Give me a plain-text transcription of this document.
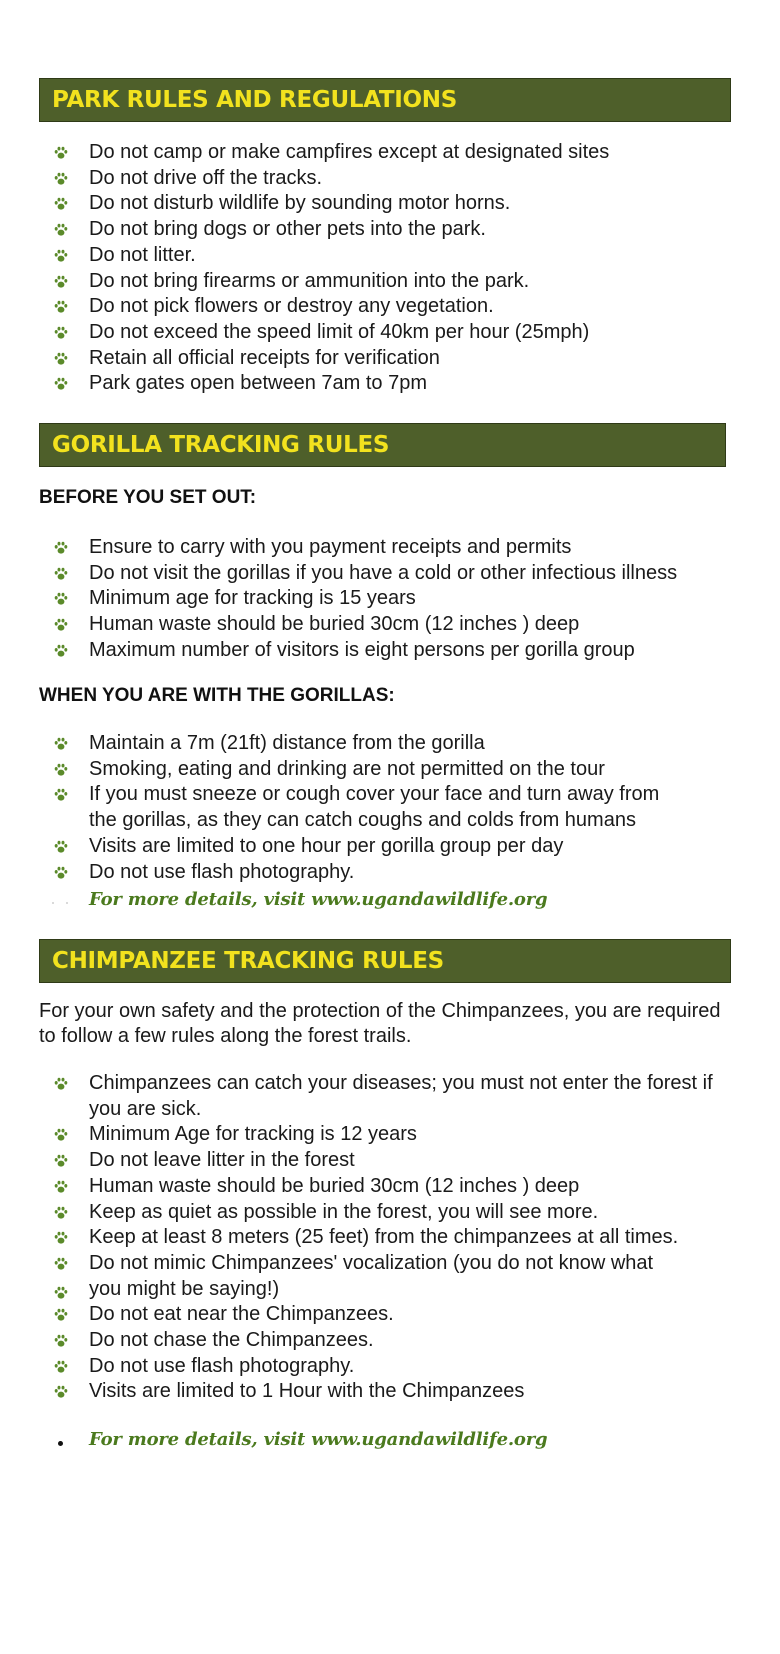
PARK RULES AND REGULATIONS
Do not camp or make campfires except at designated sites
Do not drive off the tracks.
Do not disturb wildlife by sounding motor horns.
Do not bring dogs or other pets into the park.
Do not litter.
Do not bring firearms or ammunition into the park.
Do not pick flowers or destroy any vegetation.
Do not exceed the speed limit of 40km per hour (25mph)
Retain all official receipts for verification
Park gates open between 7am to 7pm
GORILLA TRACKING RULES
BEFORE YOU SET OUT:
Ensure to carry with you payment receipts and permits
Do not visit the gorillas if you have a cold or other infectious illness
Minimum age for tracking is 15 years
Human waste should be buried 30cm (12 inches ) deep
Maximum number of visitors is eight persons per gorilla group
WHEN YOU ARE WITH THE GORILLAS:
Maintain a 7m (21ft) distance from the gorilla
Smoking, eating and drinking are not permitted on the tour
If you must sneeze or cough cover your face and turn away from the gorillas, as they can catch coughs and colds from humans
Visits are limited to one hour per gorilla group per day
Do not use flash photography.
For more details, visit www.ugandawildlife.org
CHIMPANZEE TRACKING RULES
For your own safety and the protection of the Chimpanzees, you are required to follow a few rules along the forest trails.
Chimpanzees can catch your diseases; you must not enter the forest if you are sick.
Minimum Age for tracking is 12 years
Do not leave litter in the forest
Human waste should be buried 30cm (12 inches ) deep
Keep as quiet as possible in the forest, you will see more.
Keep at least 8 meters (25 feet) from the chimpanzees at all times.
Do not mimic Chimpanzees' vocalization (you do not know what you might be saying!)
Do not eat near the Chimpanzees.
Do not chase the Chimpanzees.
Do not use flash photography.
Visits are limited to 1 Hour with the Chimpanzees
For more details, visit www.ugandawildlife.org
